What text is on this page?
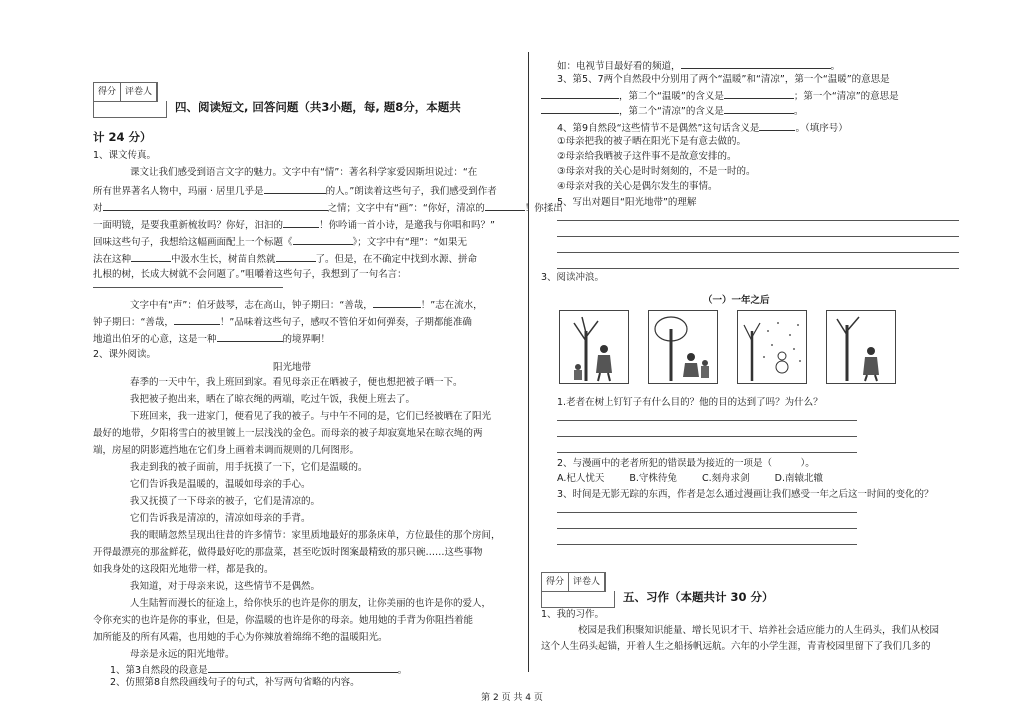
得分	评卷人
四、阅读短文, 回答问题（共3小题，每, 题8分，本题共
计 24 分）
1、课文传真。
课文让我们感受到语言文字的魅力。文字中有“情”：著名科学家爱因斯坦说过：“在
所有世界著名人物中，玛丽 · 居里几乎是	的人。”朗读着这些句子，我们感受到作者
对	之情；文字中有“画”：“你好，清凉的	！你揉出
一面明镜，是要我重新梳妆吗？你好，汩汩的	！你吟诵一首小诗，是邀我与你唱和吗？”
回味这些句子，我想给这幅画面配上一个标题《	》；文字中有“理”：“如果无
法在这种	中汲水生长，树苗自然就	了。但是，在不确定中找到水源、拼命
扎根的树，长成大树就不会问题了。”咀嚼着这些句子，我想到了一句名言：
文字中有“声”：伯牙鼓琴，志在高山，钟子期曰：“善哉，	！”志在流水，
钟子期曰：“善哉，	！”品味着这些句子，感叹不管伯牙如何弹奏，子期都能准确
地道出伯牙的心意，这是一种	的境界啊！
2、课外阅读。
阳光地带
春季的一天中午，我上班回到家。看见母亲正在晒被子，便也想把被子晒一下。
我把被子抱出来，晒在了晾衣绳的两端，吃过午饭，我便上班去了。
下班回来，我一进家门，便看见了我的被子。与中午不同的是，它们已经被晒在了阳光
最好的地带，夕阳将雪白的被里镀上一层浅浅的金色。而母亲的被子却寂寞地呆在晾衣绳的两
端，房屋的阴影遮挡地在它们身上画着耒调而规则的几何图形。
我走到我的被子面前，用手抚摸了一下，它们是温暖的。
它们告诉我是温暖的，温暖如母亲的手心。
我又抚摸了一下母亲的被子，它们是清凉的。
它们告诉我是清凉的，清凉如母亲的手背。
我的眼睛忽然呈现出往昔的许多情节：家里质地最好的那条床单，方位最佳的那个房间，
开得最漂亮的那盆鲜花，做得最好吃的那盘菜，甚至吃饭时图案最精致的那只碗……这些事物
如我身处的这段阳光地带一样，都是我的。
我知道，对于母亲来说，这些情节不是偶然。
人生陆暂而漫长的征途上，给你快乐的也许是你的朋友，让你美丽的也许是你的爱人，
令你充实的也许是你的事业，但是，你温暖的也许是你的母亲。她用她的手背为你阻挡着能
加所能及的所有风霜，也用她的手心为你辣放着绵绵不绝的温暖阳光。
母亲是永远的阳光地带。
1、第3自然段的段意是	。
2、仿照第8自然段画线句子的句式，补写两句省略的内容。
如：电视节目最好看的频道，	。
3、第5、7两个自然段中分别用了两个“温暖”和“清凉”，第一个“温暖”的意思是
，第二个“温暖”的含义是	；第一个“清凉”的意思是
，第二个“清凉”的含义是	。
4、第9自然段“这些情节不是偶然”这句话含义是	。（填序号）
①母亲把我的被子晒在阳光下是有意去做的。
②母亲给我晒被子这件事不是故意安排的。
③母亲对我的关心是时时刻刻的，不是一时的。
④母亲对我的关心是偶尔发生的事情。
5、写出对题目“阳光地带”的理解
3、阅读冲浪。
（一）一年之后
1.老者在树上钉钉子有什么目的？他的目的达到了吗？为什么？
2、与漫画中的老者所犯的错误最为接近的一项是（　　　）。
A.杞人忧天	B.守株待兔	C.刻舟求剑	D.南辕北辙
3、时间是无影无踪的东西，作者是怎么通过漫画让我们感受一年之后这一时间的变化的？
得分	评卷人
五、习作（本题共计 30 分）
1、我的习作。
校园是我们积聚知识能量、增长见识才干、培养社会适应能力的人生码头，我们从校园
这个人生码头起锚，开着人生之船扬帆远航。六年的小学生涯，青青校园里留下了我们几多的
第 2 页 共 4 页
